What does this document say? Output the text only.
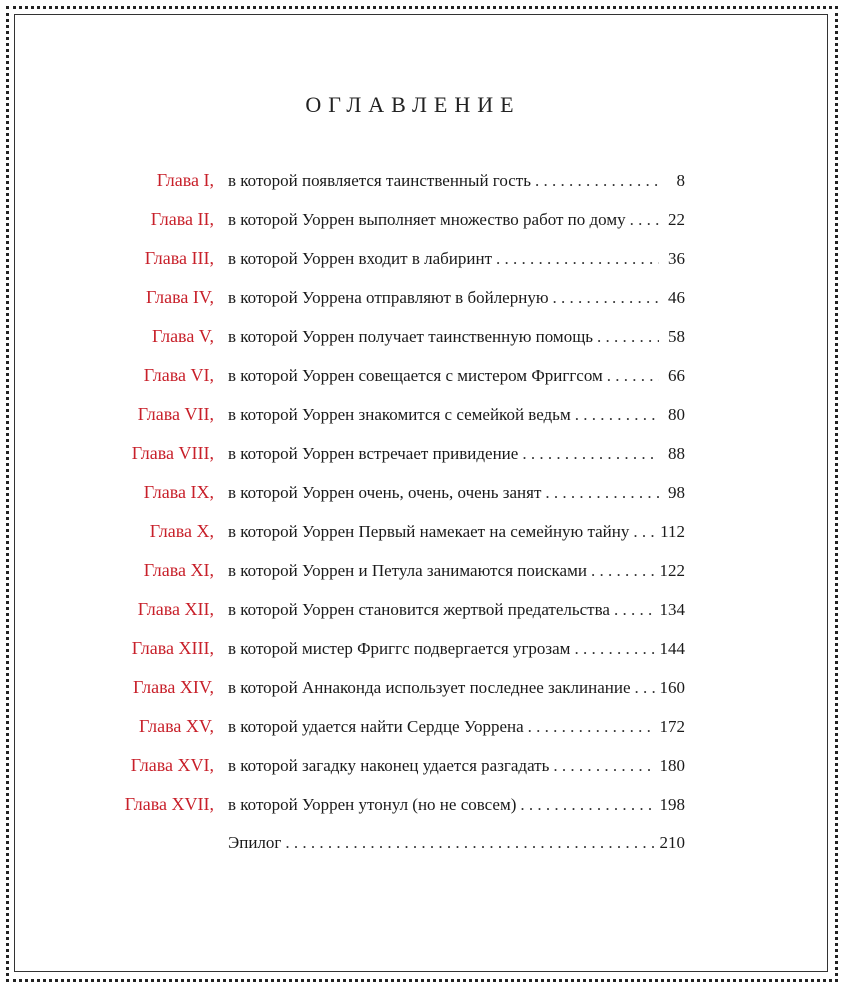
ОГЛАВЛЕНИЕ
Глава I, в которой появляется таинственный гость . . .	8
Глава II, в которой Уоррен выполняет множество работ по дому . . . 22
Глава III, в которой Уоррен входит в лабиринт . . .	36
Глава IV, в которой Уоррена отправляют в бойлерную . . .	46
Глава V, в которой Уоррен получает таинственную помощь . . .	58
Глава VI, в которой Уоррен совещается с мистером Фриггсом . . .	66
Глава VII, в которой Уоррен знакомится с семейкой ведьм . . .	80
Глава VIII, в которой Уоррен встречает привидение . . .	88
Глава IX, в которой Уоррен очень, очень, очень занят . . .	98
Глава X, в которой Уоррен Первый намекает на семейную тайну . . . 112
Глава XI, в которой Уоррен и Петула занимаются поисками . . .	122
Глава XII, в которой Уоррен становится жертвой предательства . . .	134
Глава XIII, в которой мистер Фриггс подвергается угрозам . . .	144
Глава XIV, в которой Аннаконда использует последнее заклинание . . . 160
Глава XV, в которой удается найти Сердце Уоррена . . .	172
Глава XVI, в которой загадку наконец удается разгадать . . .	180
Глава XVII, в которой Уоррен утонул (но не совсем) . . .	198
Эпилог . . .	210
